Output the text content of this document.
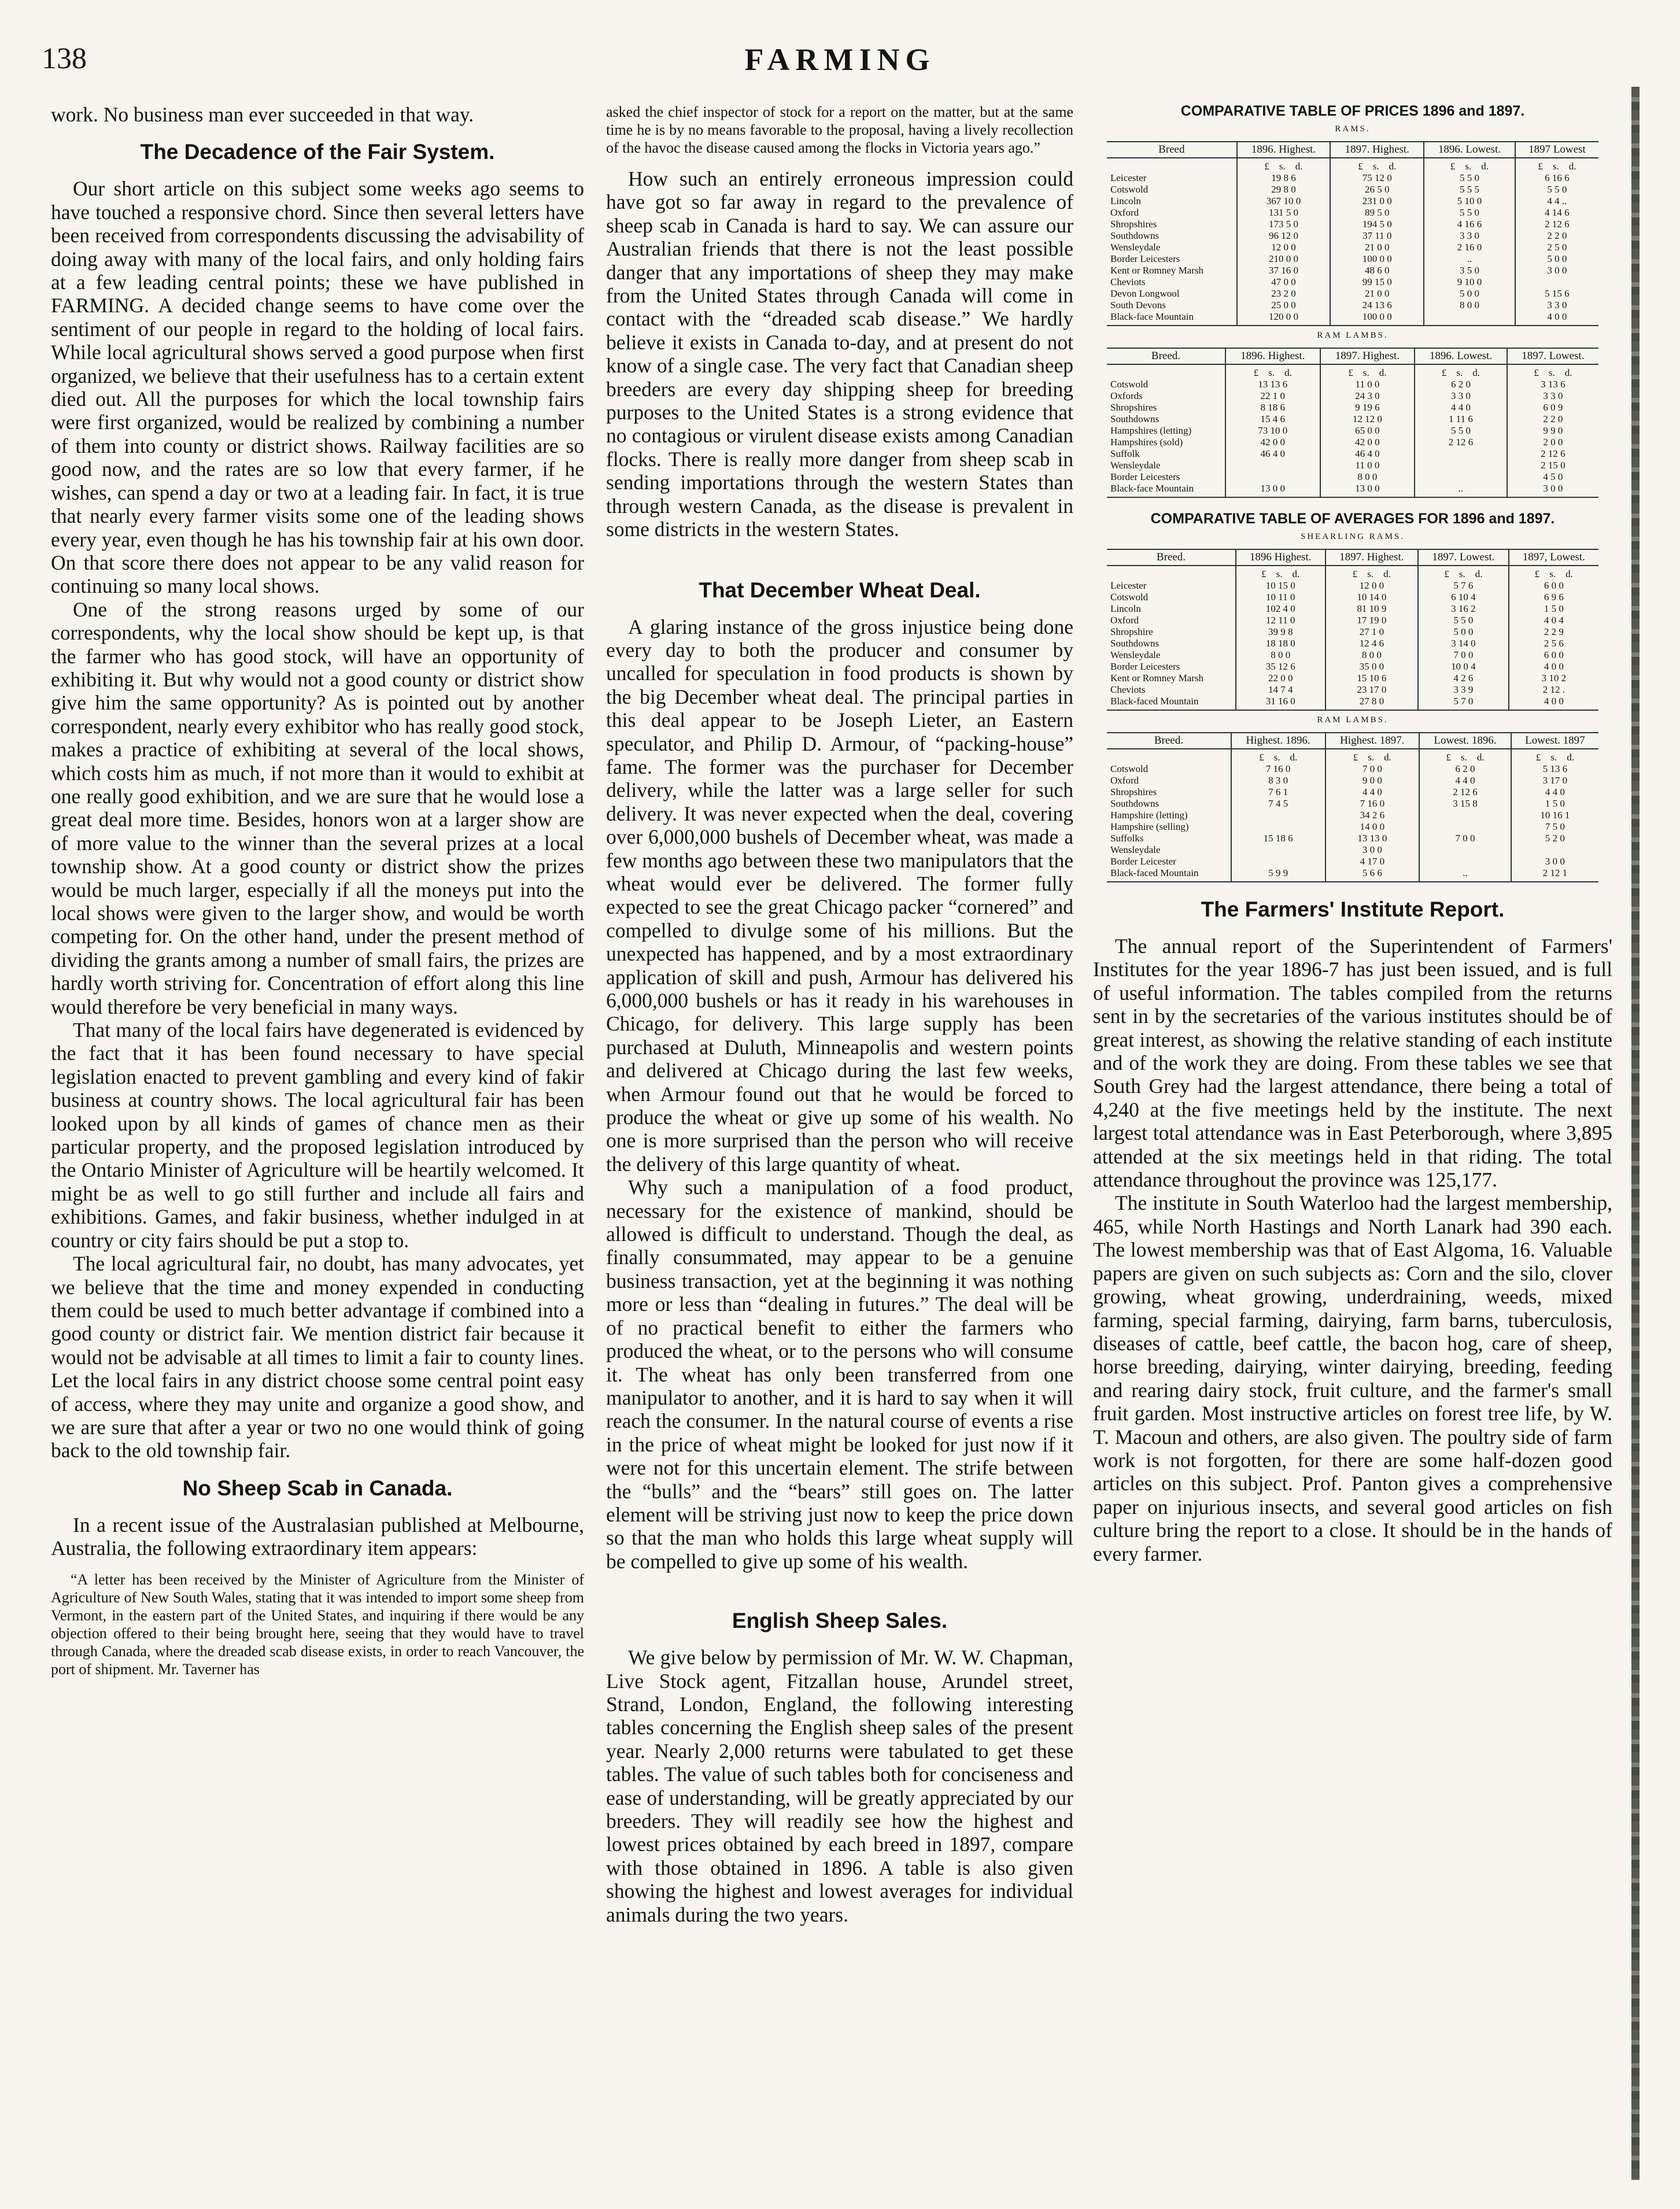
138	FARMING

work. No business man ever succeeded in that way.

The Decadence of the Fair System.

Our short article on this subject some weeks ago seems to have touched a responsive chord. Since then several letters have been received from correspondents discussing the advisability of doing away with many of the local fairs, and only holding fairs at a few leading central points; these we have published in FARMING. A decided change seems to have come over the sentiment of our people in regard to the holding of local fairs. While local agricultural shows served a good purpose when first organized, we believe that their usefulness has to a certain extent died out. All the purposes for which the local township fairs were first organized, would be realized by combining a number of them into county or district shows. Railway facilities are so good now, and the rates are so low that every farmer, if he wishes, can spend a day or two at a leading fair. In fact, it is true that nearly every farmer visits some one of the leading shows every year, even though he has his township fair at his own door. On that score there does not appear to be any valid reason for continuing so many local shows.

One of the strong reasons urged by some of our correspondents, why the local show should be kept up, is that the farmer who has good stock, will have an opportunity of exhibiting it. But why would not a good county or district show give him the same opportunity? As is pointed out by another correspondent, nearly every exhibitor who has really good stock, makes a practice of exhibiting at several of the local shows, which costs him as much, if not more than it would to exhibit at one really good exhibition, and we are sure that he would lose a great deal more time. Besides, honors won at a larger show are of more value to the winner than the several prizes at a local township show. At a good county or district show the prizes would be much larger, especially if all the moneys put into the local shows were given to the larger show, and would be worth competing for. On the other hand, under the present method of dividing the grants among a number of small fairs, the prizes are hardly worth striving for. Concentration of effort along this line would therefore be very beneficial in many ways.

That many of the local fairs have degenerated is evidenced by the fact that it has been found necessary to have special legislation enacted to prevent gambling and every kind of fakir business at country shows. The local agricultural fair has been looked upon by all kinds of games of chance men as their particular property, and the proposed legislation introduced by the Ontario Minister of Agriculture will be heartily welcomed. It might be as well to go still further and include all fairs and exhibitions. Games, and fakir business, whether indulged in at country or city fairs should be put a stop to.

The local agricultural fair, no doubt, has many advocates, yet we believe that the time and money expended in conducting them could be used to much better advantage if combined into a good county or district fair. We mention district fair because it would not be advisable at all times to limit a fair to county lines. Let the local fairs in any district choose some central point easy of access, where they may unite and organize a good show, and we are sure that after a year or two no one would think of going back to the old township fair.

No Sheep Scab in Canada.

In a recent issue of the Australasian published at Melbourne, Australia, the following extraordinary item appears:

“A letter has been received by the Minister of Agriculture from the Minister of Agriculture of New South Wales, stating that it was intended to import some sheep from Vermont, in the eastern part of the United States, and inquiring if there would be any objection offered to their being brought here, seeing that they would have to travel through Canada, where the dreaded scab disease exists, in order to reach Vancouver, the port of shipment. Mr. Taverner has

asked the chief inspector of stock for a report on the matter, but at the same time he is by no means favorable to the proposal, having a lively recollection of the havoc the disease caused among the flocks in Victoria years ago.”

How such an entirely erroneous impression could have got so far away in regard to the prevalence of sheep scab in Canada is hard to say. We can assure our Australian friends that there is not the least possible danger that any importations of sheep they may make from the United States through Canada will come in contact with the “dreaded scab disease.” We hardly believe it exists in Canada to-day, and at present do not know of a single case. The very fact that Canadian sheep breeders are every day shipping sheep for breeding purposes to the United States is a strong evidence that no contagious or virulent disease exists among Canadian flocks. There is really more danger from sheep scab in sending importations through the western States than through western Canada, as the disease is prevalent in some districts in the western States.

That December Wheat Deal.

A glaring instance of the gross injustice being done every day to both the producer and consumer by uncalled for speculation in food products is shown by the big December wheat deal. The principal parties in this deal appear to be Joseph Lieter, an Eastern speculator, and Philip D. Armour, of “packing-house” fame. The former was the purchaser for December delivery, while the latter was a large seller for such delivery. It was never expected when the deal, covering over 6,000,000 bushels of December wheat, was made a few months ago between these two manipulators that the wheat would ever be delivered. The former fully expected to see the great Chicago packer “cornered” and compelled to divulge some of his millions. But the unexpected has happened, and by a most extraordinary application of skill and push, Armour has delivered his 6,000,000 bushels or has it ready in his warehouses in Chicago, for delivery. This large supply has been purchased at Duluth, Minneapolis and western points and delivered at Chicago during the last few weeks, when Armour found out that he would be forced to produce the wheat or give up some of his wealth. No one is more surprised than the person who will receive the delivery of this large quantity of wheat.

Why such a manipulation of a food product, necessary for the existence of mankind, should be allowed is difficult to understand. Though the deal, as finally consummated, may appear to be a genuine business transaction, yet at the beginning it was nothing more or less than “dealing in futures.” The deal will be of no practical benefit to either the farmers who produced the wheat, or to the persons who will consume it. The wheat has only been transferred from one manipulator to another, and it is hard to say when it will reach the consumer. In the natural course of events a rise in the price of wheat might be looked for just now if it were not for this uncertain element. The strife between the “bulls” and the “bears” still goes on. The latter element will be striving just now to keep the price down so that the man who holds this large wheat supply will be compelled to give up some of his wealth.

English Sheep Sales.

We give below by permission of Mr. W. W. Chapman, Live Stock agent, Fitzallan house, Arundel street, Strand, London, England, the following interesting tables concerning the English sheep sales of the present year. Nearly 2,000 returns were tabulated to get these tables. The value of such tables both for conciseness and ease of understanding, will be greatly appreciated by our breeders. They will readily see how the highest and lowest prices obtained by each breed in 1897, compare with those obtained in 1896. A table is also given showing the highest and lowest averages for individual animals during the two years.

COMPARATIVE TABLE OF PRICES 1896 and 1897.
RAMS.
Breed	1896. Highest.	1897. Highest.	1896. Lowest.	1897 Lowest
	£  s.  d.	£  s.  d.	£  s.  d.	£  s.  d.
Leicester	19 8 6	75 12 0	5 5 0	6 16 6
Cotswold	29 8 0	26 5 0	5 5 5	5 5 0
Lincoln	367 10 0	231 0 0	5 10 0	4 4 ..
Oxford	131 5 0	89 5 0	5 5 0	4 14 6
Shropshires	173 5 0	194 5 0	4 16 6	2 12 6
Southdowns	96 12 0	37 11 0	3 3 0	2 2 0
Wensleydale	12 0 0	21 0 0	2 16 0	2 5 0
Border Leicesters	210 0 0	100 0 0	..	5 0 0
Kent or Romney Marsh	37 16 0	48 6 0	3 5 0	3 0 0
Cheviots	47 0 0	99 15 0	9 10 0	
Devon Longwool	23 2 0	21 0 0	5 0 0	5 15 6
South Devons	25 0 0	24 13 6	8 0 0	3 3 0
Black-face Mountain	120 0 0	100 0 0		4 0 0
RAM LAMBS.
Breed.	1896. Highest.	1897. Highest.	1896. Lowest.	1897. Lowest.
	£  s.  d.	£  s.  d.	£  s.  d.	£  s.  d.
Cotswold	13 13 6	11 0 0	6 2 0	3 13 6
Oxfords	22 1 0	24 3 0	3 3 0	3 3 0
Shropshires	8 18 6	9 19 6	4 4 0	6 0 9
Southdowns	15 4 6	12 12 0	1 11 6	2 2 0
Hampshires (letting)	73 10 0	65 0 0	5 5 0	9 9 0
Hampshires (sold)	42 0 0	42 0 0	2 12 6	2 0 0
Suffolk	46 4 0	46 4 0		2 12 6
Wensleydale		11 0 0		2 15 0
Border Leicesters		8 0 0		4 5 0
Black-face Mountain	13 0 0	13 0 0	..	3 0 0
COMPARATIVE TABLE OF AVERAGES FOR 1896 and 1897.
SHEARLING RAMS.
Breed.	1896 Highest.	1897. Highest.	1897. Lowest.	1897, Lowest.
	£  s.  d.	£  s.  d.	£  s.  d.	£  s.  d.
Leicester	10 15 0	12 0 0	5 7 6	6 0 0
Cotswold	10 11 0	10 14 0	6 10 4	6 9 6
Lincoln	102 4 0	81 10 9	3 16 2	1 5 0
Oxford	12 11 0	17 19 0	5 5 0	4 0 4
Shropshire	39 9 8	27 1 0	5 0 0	2 2 9
Southdowns	18 18 0	12 4 6	3 14 0	2 5 6
Wensleydale	8 0 0	8 0 0	7 0 0	6 0 0
Border Leicesters	35 12 6	35 0 0	10 0 4	4 0 0
Kent or Romney Marsh	22 0 0	15 10 6	4 2 6	3 10 2
Cheviots	14 7 4	23 17 0	3 3 9	2 12 .
Black-faced Mountain	31 16 0	27 8 0	5 7 0	4 0 0
RAM LAMBS.
Breed.	Highest. 1896.	Highest. 1897.	Lowest. 1896.	Lowest. 1897
	£  s.  d.	£  s.  d.	£  s.  d.	£  s.  d.
Cotswold	7 16 0	7 0 0	6 2 0	5 13 6
Oxford	8 3 0	9 0 0	4 4 0	3 17 0
Shropshires	7 6 1	4 4 0	2 12 6	4 4 0
Southdowns	7 4 5	7 16 0	3 15 8	1 5 0
Hampshire (letting)		34 2 6		10 16 1
Hampshire (selling)		14 0 0		7 5 0
Suffolks	15 18 6	13 13 0	7 0 0	5 2 0
Wensleydale		3 0 0		
Border Leicester		4 17 0		3 0 0
Black-faced Mountain	5 9 9	5 6 6	..	2 12 1
The Farmers' Institute Report.

The annual report of the Superintendent of Farmers' Institutes for the year 1896-7 has just been issued, and is full of useful information. The tables compiled from the returns sent in by the secretaries of the various institutes should be of great interest, as showing the relative standing of each institute and of the work they are doing. From these tables we see that South Grey had the largest attendance, there being a total of 4,240 at the five meetings held by the institute. The next largest total attendance was in East Peterborough, where 3,895 attended at the six meetings held in that riding. The total attendance throughout the province was 125,177.

The institute in South Waterloo had the largest membership, 465, while North Hastings and North Lanark had 390 each. The lowest membership was that of East Algoma, 16. Valuable papers are given on such subjects as: Corn and the silo, clover growing, wheat growing, underdraining, weeds, mixed farming, special farming, dairying, farm barns, tuberculosis, diseases of cattle, beef cattle, the bacon hog, care of sheep, horse breeding, dairying, winter dairying, breeding, feeding and rearing dairy stock, fruit culture, and the farmer's small fruit garden. Most instructive articles on forest tree life, by W. T. Macoun and others, are also given. The poultry side of farm work is not forgotten, for there are some half-dozen good articles on this subject. Prof. Panton gives a comprehensive paper on injurious insects, and several good articles on fish culture bring the report to a close. It should be in the hands of every farmer.
